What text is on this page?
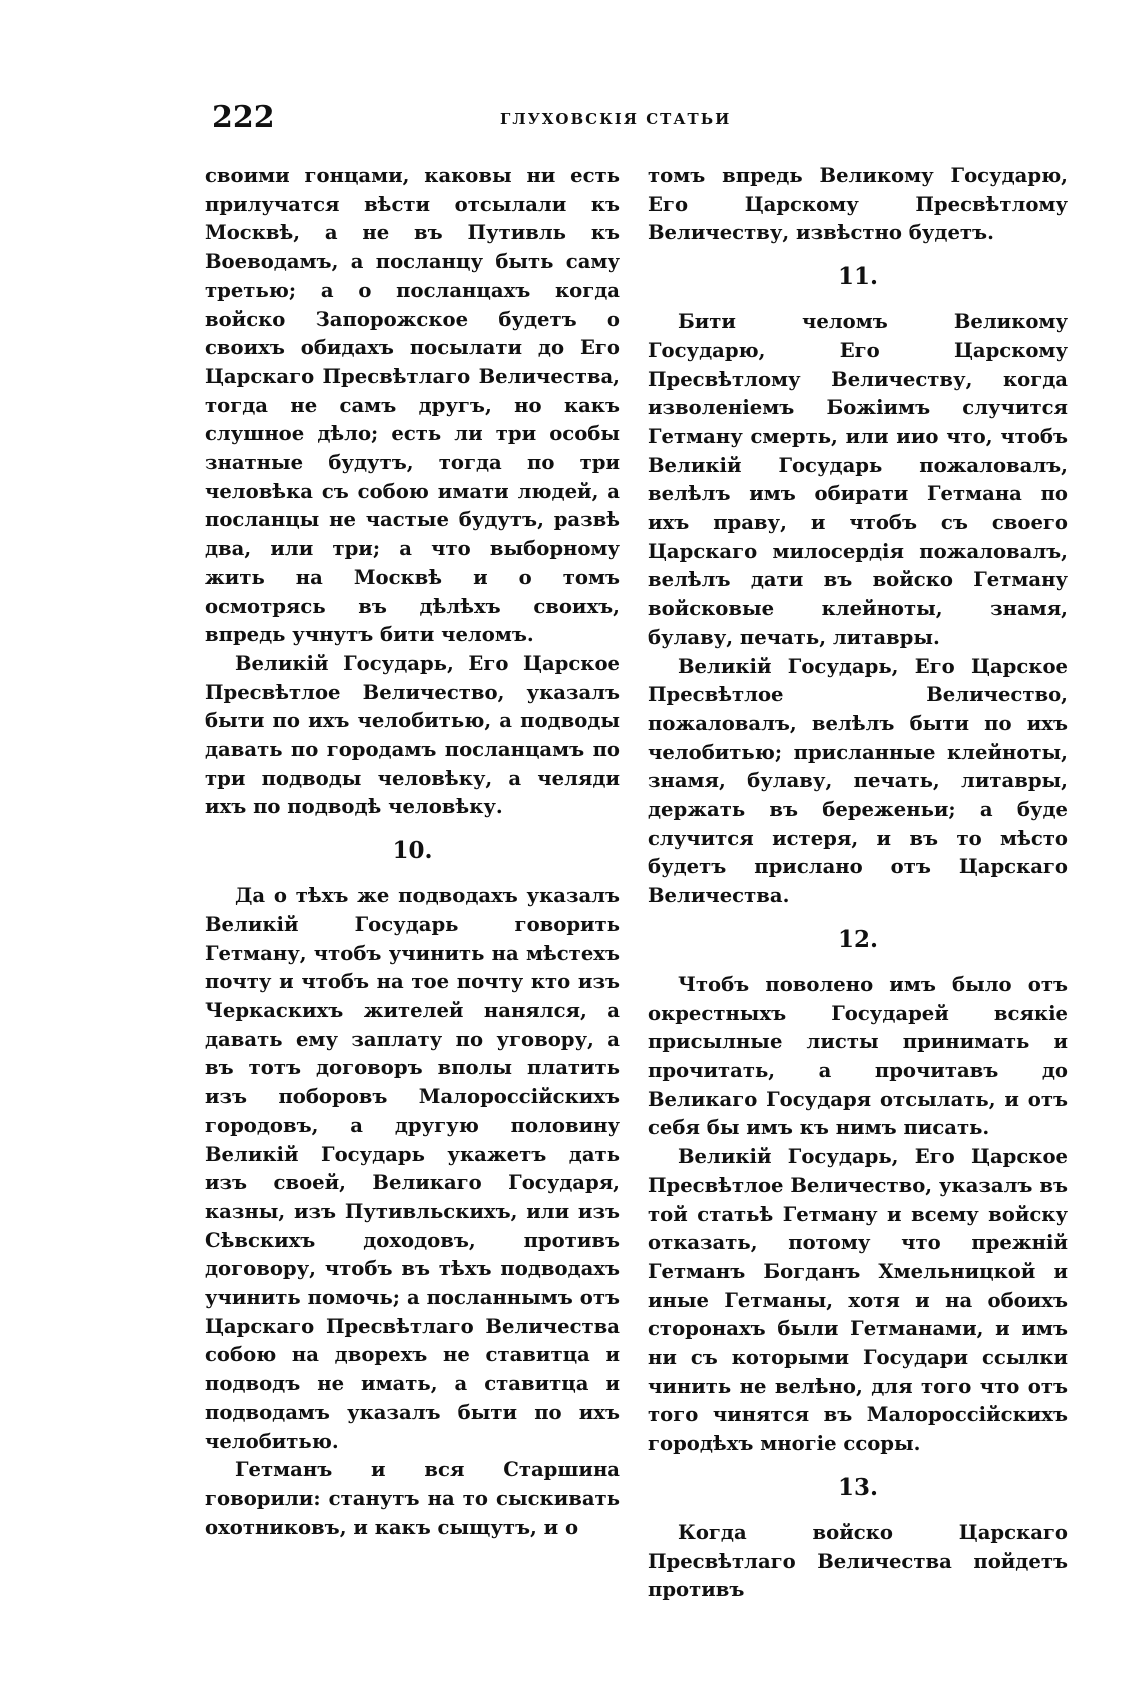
222	ГЛУХОВСКІЯ СТАТЬИ

своими гонцами, каковы ни есть прилучатся вѣсти отсылали къ Москвѣ, а не въ Путивль къ Воеводамъ, а посланцу быть саму третью; а о посланцахъ когда войско Запорожское будетъ о своихъ обидахъ посылати до Его Царскаго Пресвѣтлаго Величества, тогда не самъ другъ, но какъ слушное дѣло; есть ли три особы знатные будутъ, тогда по три человѣка съ собою имати людей, а посланцы не частые будутъ, развѣ два, или три; а что выборному жить на Москвѣ и о томъ осмотрясь въ дѣлѣхъ своихъ, впредь учнутъ бити челомъ.

Великій Государь, Его Царское Пресвѣтлое Величество, указалъ быти по ихъ челобитью, а подводы давать по городамъ посланцамъ по три подводы человѣку, а челяди ихъ по подводѣ человѣку.

10.

Да о тѣхъ же подводахъ указалъ Великій Государь говорить Гетману, чтобъ учинить на мѣстехъ почту и чтобъ на тое почту кто изъ Черкаскихъ жителей нанялся, а давать ему заплату по уговору, а въ тотъ договоръ вполы платить изъ поборовъ Малороссійскихъ городовъ, а другую половину Великій Государь укажетъ дать изъ своей, Великаго Государя, казны, изъ Путивльскихъ, или изъ Сѣвскихъ доходовъ, противъ договору, чтобъ въ тѣхъ подводахъ учинить помочь; а посланнымъ отъ Царскаго Пресвѣтлаго Величества собою на дворехъ не ставитца и подводъ не имать, а ставитца и подводамъ указалъ быти по ихъ челобитью.

Гетманъ и вся Старшина говорили: станутъ на то сыскивать охотниковъ, и какъ сыщутъ, и о

томъ впредь Великому Государю, Его Царскому Пресвѣтлому Величеству, извѣстно будетъ.

11.

Бити челомъ Великому Государю, Его Царскому Пресвѣтлому Величеству, когда изволеніемъ Божіимъ случится Гетману смерть, или иио что, чтобъ Великій Государь пожаловалъ, велѣлъ имъ обирати Гетмана по ихъ праву, и чтобъ съ своего Царскаго милосердія пожаловалъ, велѣлъ дати въ войско Гетману войсковые клейноты, знамя, булаву, печать, литавры.

Великій Государь, Его Царское Пресвѣтлое Величество, пожаловалъ, велѣлъ быти по ихъ челобитью; присланные клейноты, знамя, булаву, печать, литавры, держать въ береженьи; а буде случится истеря, и въ то мѣсто будетъ прислано отъ Царскаго Величества.

12.

Чтобъ поволено имъ было отъ окрестныхъ Государей всякіе присылные листы принимать и прочитать, а прочитавъ до Великаго Государя отсылать, и отъ себя бы имъ къ нимъ писать.

Великій Государь, Его Царское Пресвѣтлое Величество, указалъ въ той статьѣ Гетману и всему войску отказать, потому что прежній Гетманъ Богданъ Хмельницкой и иные Гетманы, хотя и на обоихъ сторонахъ были Гетманами, и имъ ни съ которыми Государи ссылки чинить не велѣно, для того что отъ того чинятся въ Малороссійскихъ городѣхъ многіе ссоры.

13.

Когда войско Царскаго Пресвѣтлаго Величества пойдетъ противъ
